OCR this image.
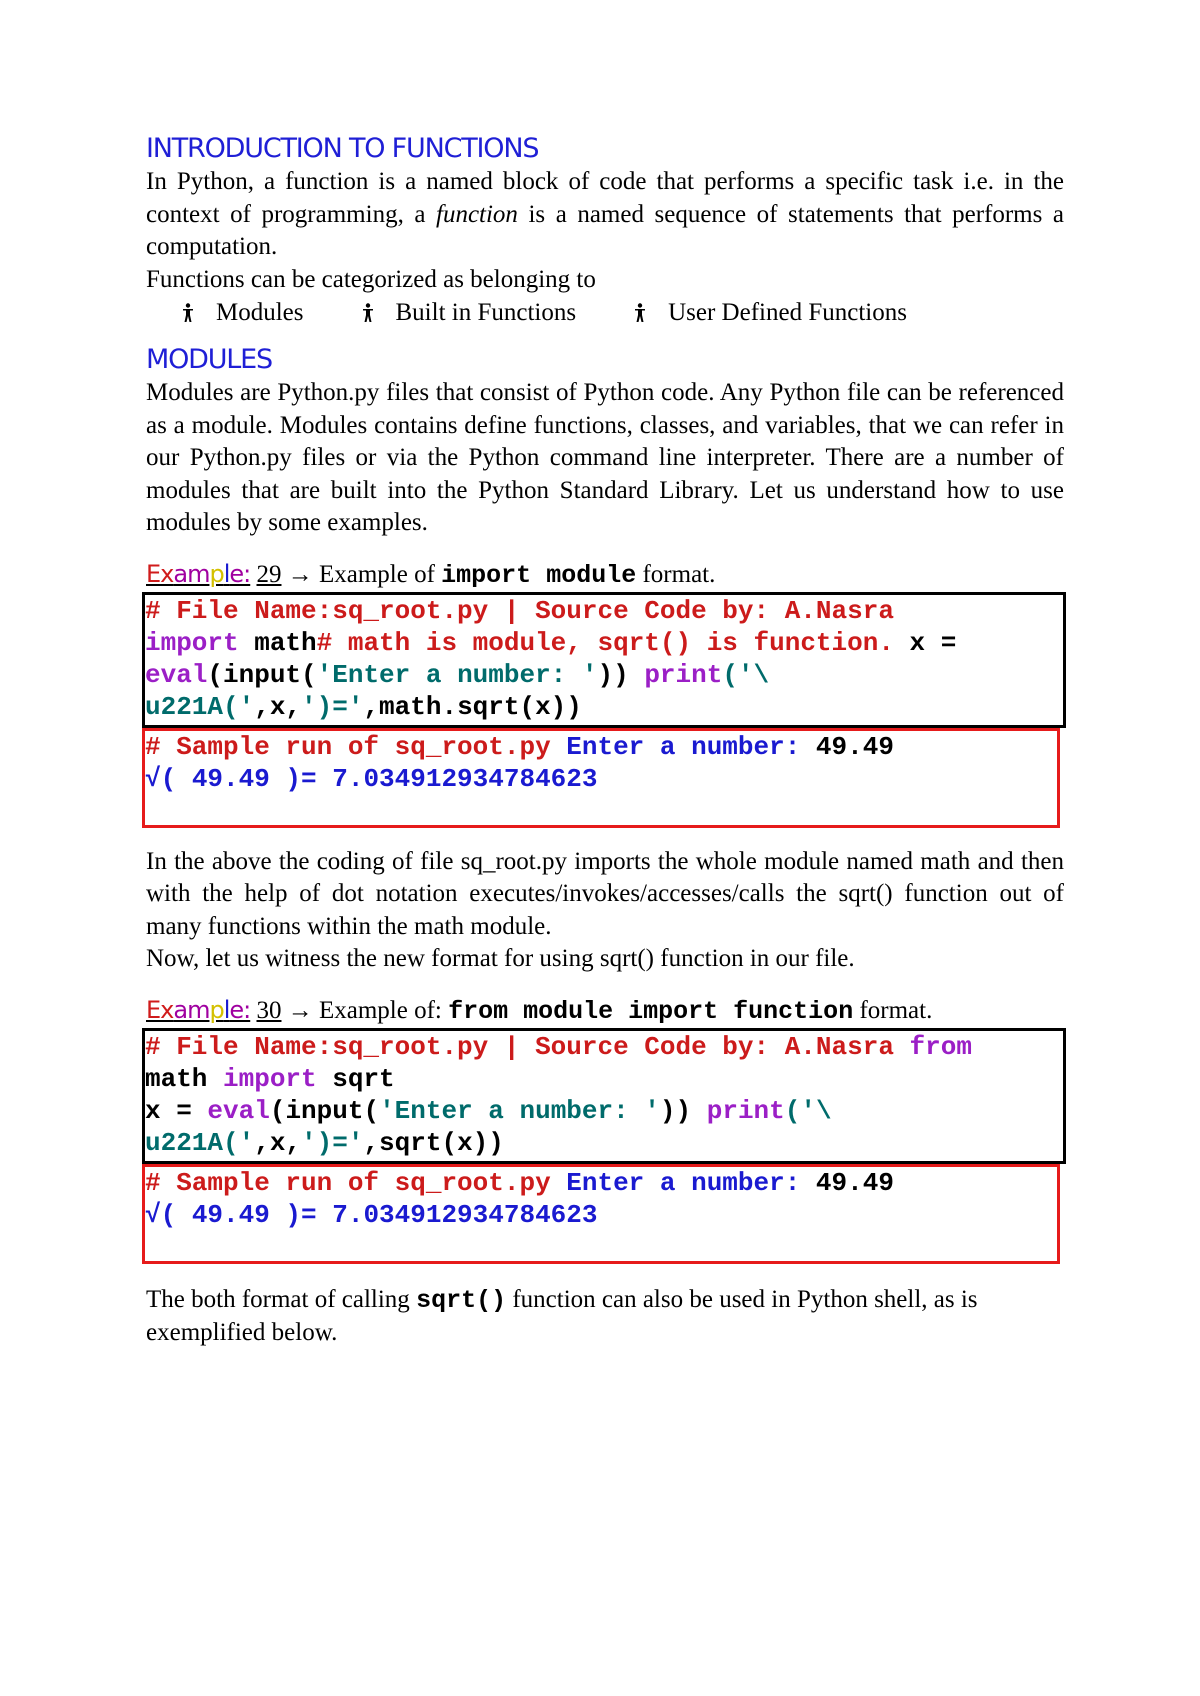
INTRODUCTION TO FUNCTIONS

In Python, a function is a named block of code that performs a specific task i.e. in the context of programming, a function is a named sequence of statements that performs a computation.

Functions can be categorized as belonging to

Modules	Built in Functions	User Defined Functions
MODULES

Modules are Python.py files that consist of Python code. Any Python file can be referenced as a module. Modules contains define functions, classes, and variables, that we can refer in our Python.py files or via the Python command line interpreter. There are a number of modules that are built into the Python Standard Library. Let us understand how to use modules by some examples.

Example: 29 → Example of import module format.

# File Name:sq_root.py | Source Code by: A.Nasra
import math# math is module, sqrt() is function. x =
eval(input('Enter a number: ')) print('\
u221A(',x,')=',math.sqrt(x))
# Sample run of sq_root.py Enter a number: 49.49
√( 49.49 )= 7.034912934784623

In the above the coding of file sq_root.py imports the whole module named math and then with the help of dot notation executes/invokes/accesses/calls the sqrt() function out of many functions within the math module.

Now, let us witness the new format for using sqrt() function in our file.

Example: 30 → Example of: from module import function format.

# File Name:sq_root.py | Source Code by: A.Nasra from
math import sqrt
x = eval(input('Enter a number: ')) print('\
u221A(',x,')=',sqrt(x))
# Sample run of sq_root.py Enter a number: 49.49
√( 49.49 )= 7.034912934784623

The both format of calling sqrt() function can also be used in Python shell, as is exemplified below.
